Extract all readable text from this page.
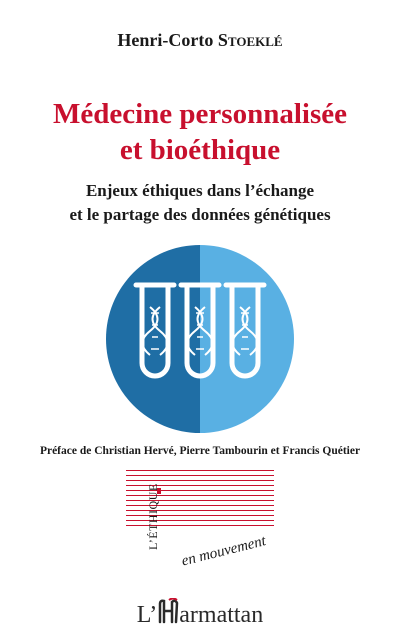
Henri-Corto Stoeklé
Médecine personnalisée
et bioéthique
Enjeux éthiques dans l’échange
et le partage des données génétiques
Préface de Christian Hervé, Pierre Tambourin et Francis Quétier
L’ÉTHIQUE
en mouvement
L’ armattan
